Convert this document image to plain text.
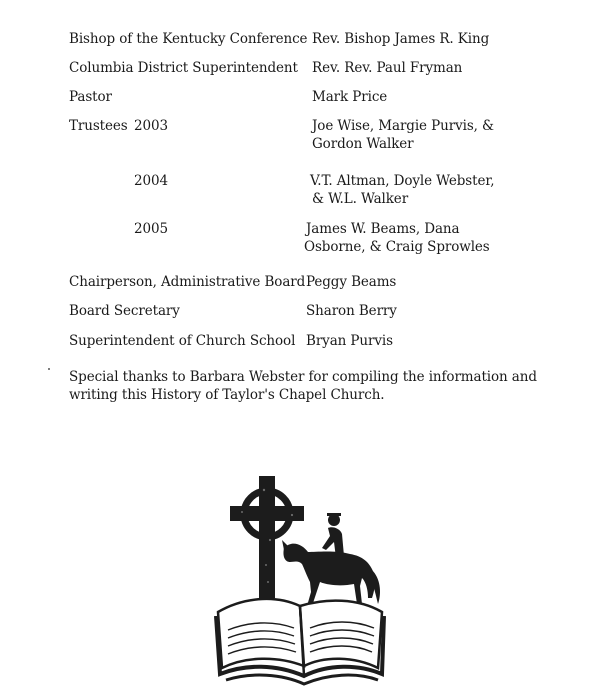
Bishop of the Kentucky Conference Rev. Bishop James R. King
Columbia District Superintendent Rev. Rev. Paul Fryman
Pastor	Mark Price
Trustees 2003	Joe Wise, Margie Purvis, &
Gordon Walker
2004	V.T. Altman, Doyle Webster,
& W.L. Walker
2005	James W. Beams, Dana
Osborne, & Craig Sprowles
Chairperson, Administrative Board Peggy Beams
Board Secretary	Sharon Berry
Superintendent of Church School Bryan Purvis
Special thanks to Barbara Webster for compiling the information and
writing this History of Taylor's Chapel Church.
